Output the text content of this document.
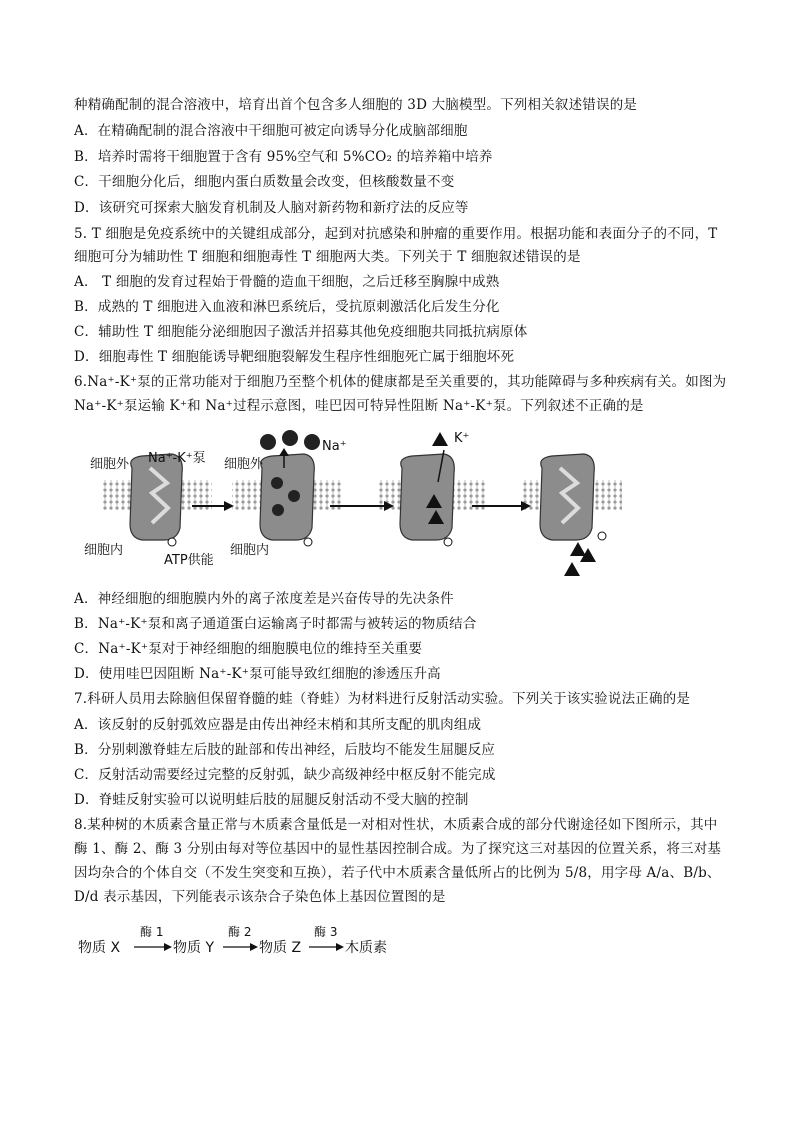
种精确配制的混合溶液中，培育出首个包含多人细胞的 3D 大脑模型。下列相关叙述错误的是
A．在精确配制的混合溶液中干细胞可被定向诱导分化成脑部细胞
B．培养时需将干细胞置于含有 95%空气和 5%CO₂ 的培养箱中培养
C．干细胞分化后，细胞内蛋白质数量会改变，但核酸数量不变
D．该研究可探索大脑发育机制及人脑对新药物和新疗法的反应等
5. T 细胞是免疫系统中的关键组成部分，起到对抗感染和肿瘤的重要作用。根据功能和表面分子的不同，T
细胞可分为辅助性 T 细胞和细胞毒性 T 细胞两大类。下列关于 T 细胞叙述错误的是
A． T 细胞的发育过程始于骨髓的造血干细胞，之后迁移至胸腺中成熟
B．成熟的 T 细胞进入血液和淋巴系统后，受抗原刺激活化后发生分化
C．辅助性 T 细胞能分泌细胞因子激活并招募其他免疫细胞共同抵抗病原体
D．细胞毒性 T 细胞能诱导靶细胞裂解发生程序性细胞死亡属于细胞坏死
6.Na⁺-K⁺泵的正常功能对于细胞乃至整个机体的健康都是至关重要的，其功能障碍与多种疾病有关。如图为
Na⁺-K⁺泵运输 K⁺和 Na⁺过程示意图，哇巴因可特异性阻断 Na⁺-K⁺泵。下列叙述不正确的是
细胞外 Na⁺-K⁺泵
细胞内
ATP供能
细胞外
Na⁺
细胞内
K⁺
A．神经细胞的细胞膜内外的离子浓度差是兴奋传导的先决条件
B．Na⁺-K⁺泵和离子通道蛋白运输离子时都需与被转运的物质结合
C．Na⁺-K⁺泵对于神经细胞的细胞膜电位的维持至关重要
D．使用哇巴因阻断 Na⁺-K⁺泵可能导致红细胞的渗透压升高
7.科研人员用去除脑但保留脊髓的蛙（脊蛙）为材料进行反射活动实验。下列关于该实验说法正确的是
A．该反射的反射弧效应器是由传出神经末梢和其所支配的肌肉组成
B．分别刺激脊蛙左后肢的趾部和传出神经，后肢均不能发生屈腿反应
C．反射活动需要经过完整的反射弧，缺少高级神经中枢反射不能完成
D．脊蛙反射实验可以说明蛙后肢的屈腿反射活动不受大脑的控制
8.某种树的木质素含量正常与木质素含量低是一对相对性状，木质素合成的部分代谢途径如下图所示，其中
酶 1、酶 2、酶 3 分别由每对等位基因中的显性基因控制合成。为了探究这三对基因的位置关系，将三对基
因均杂合的个体自交（不发生突变和互换），若子代中木质素含量低所占的比例为 5/8，用字母 A/a、B/b、
D/d 表示基因，下列能表示该杂合子染色体上基因位置图的是
物质 X
酶 1
物质 Y
酶 2
物质 Z
酶 3
木质素
